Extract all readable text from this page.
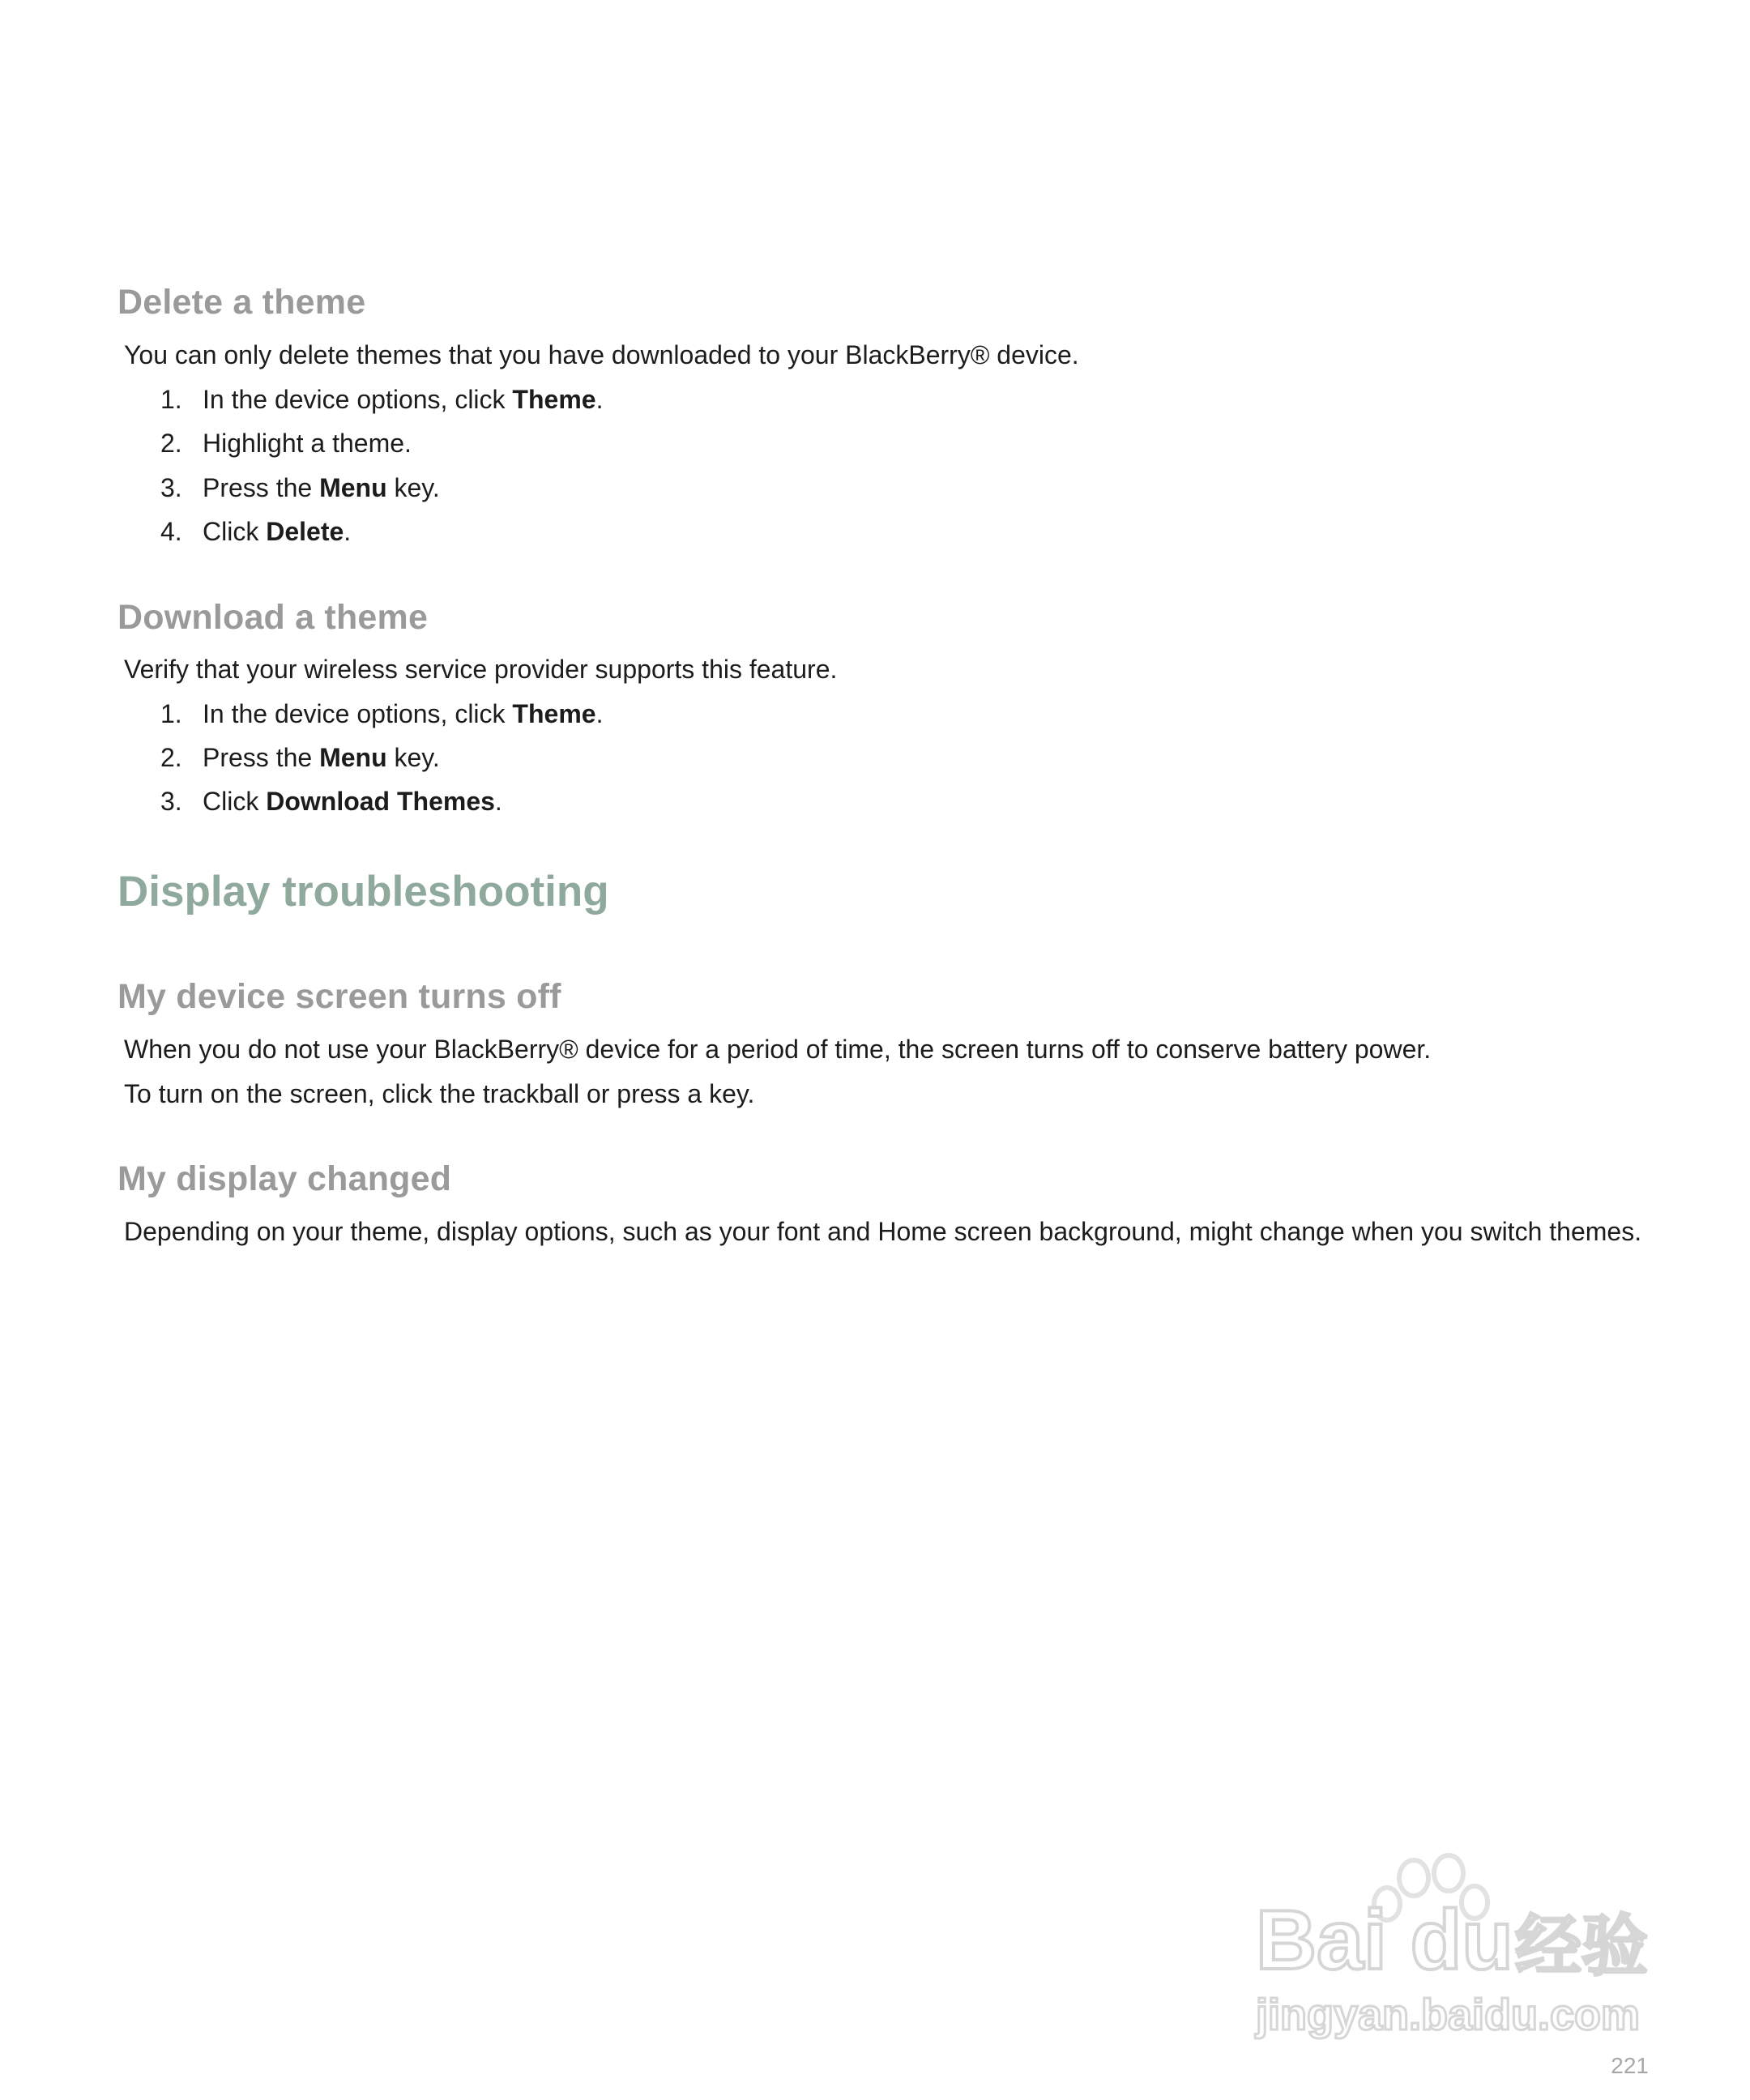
Delete a theme

You can only delete themes that you have downloaded to your BlackBerry® device.

1. In the device options, click Theme.

2. Highlight a theme.

3. Press the Menu key.

4. Click Delete.

Download a theme

Verify that your wireless service provider supports this feature.

1. In the device options, click Theme.

2. Press the Menu key.

3. Click Download Themes.

Display troubleshooting
My device screen turns off

When you do not use your BlackBerry® device for a period of time, the screen turns off to conserve battery power.

To turn on the screen, click the trackball or press a key.

My display changed

Depending on your theme, display options, such as your font and Home screen background, might change when you switch themes.

Bai du 经验
jingyan.baidu.com

221
